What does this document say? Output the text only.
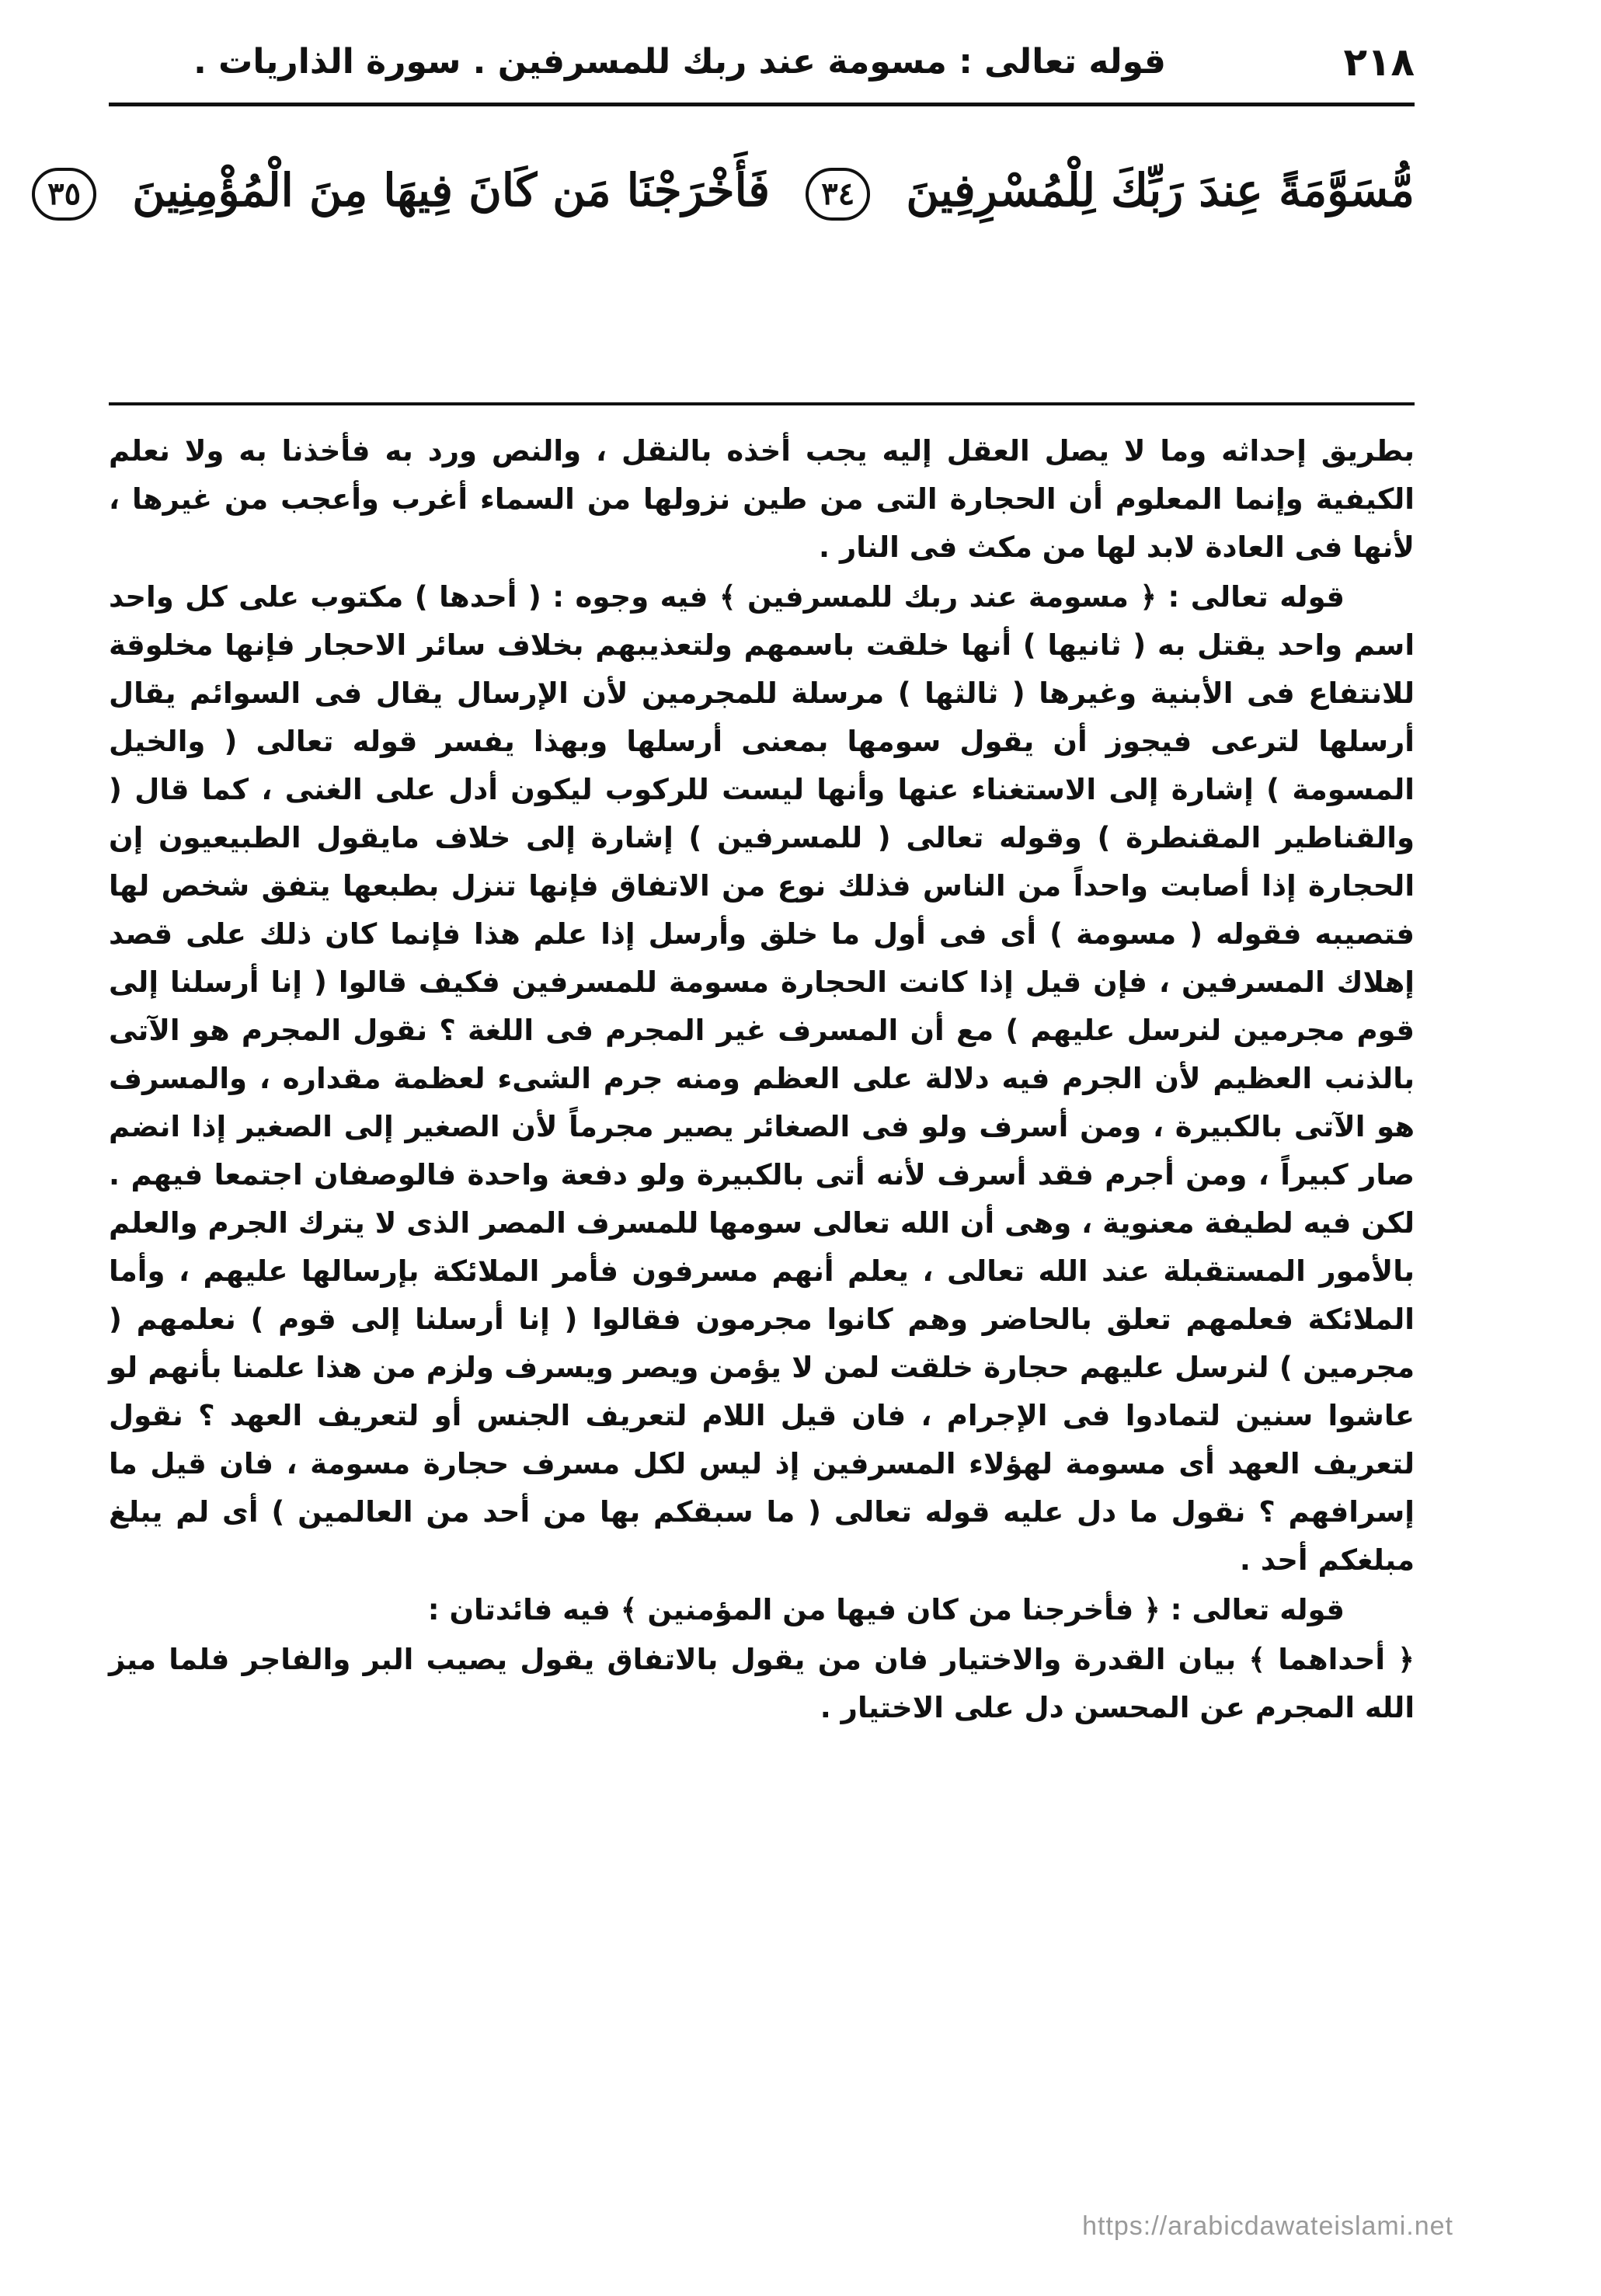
٢١٨
قوله تعالى : مسومة عند ربك للمسرفين . سورة الذاريات .
مُّسَوَّمَةً عِندَ رَبِّكَ لِلْمُسْرِفِينَ ٣٤ فَأَخْرَجْنَا مَن كَانَ فِيهَا مِنَ الْمُؤْمِنِينَ ٣٥

بطريق إحداثه وما لا يصل العقل إليه يجب أخذه بالنقل ، والنص ورد به فأخذنا به ولا نعلم الكيفية وإنما المعلوم أن الحجارة التى من طين نزولها من السماء أغرب وأعجب من غيرها ، لأنها فى العادة لابد لها من مكث فى النار .

قوله تعالى : ﴿ مسومة عند ربك للمسرفين ﴾ فيه وجوه : ( أحدها ) مكتوب على كل واحد اسم واحد يقتل به ( ثانيها ) أنها خلقت باسمهم ولتعذيبهم بخلاف سائر الاحجار فإنها مخلوقة للانتفاع فى الأبنية وغيرها ( ثالثها ) مرسلة للمجرمين لأن الإرسال يقال فى السوائم يقال أرسلها لترعى فيجوز أن يقول سومها بمعنى أرسلها وبهذا يفسر قوله تعالى ( والخيل المسومة ) إشارة إلى الاستغناء عنها وأنها ليست للركوب ليكون أدل على الغنى ، كما قال ( والقناطير المقنطرة ) وقوله تعالى ( للمسرفين ) إشارة إلى خلاف مايقول الطبيعيون إن الحجارة إذا أصابت واحداً من الناس فذلك نوع من الاتفاق فإنها تنزل بطبعها يتفق شخص لها فتصيبه فقوله ( مسومة ) أى فى أول ما خلق وأرسل إذا علم هذا فإنما كان ذلك على قصد إهلاك المسرفين ، فإن قيل إذا كانت الحجارة مسومة للمسرفين فكيف قالوا ( إنا أرسلنا إلى قوم مجرمين لنرسل عليهم ) مع أن المسرف غير المجرم فى اللغة ؟ نقول المجرم هو الآتى بالذنب العظيم لأن الجرم فيه دلالة على العظم ومنه جرم الشىء لعظمة مقداره ، والمسرف هو الآتى بالكبيرة ، ومن أسرف ولو فى الصغائر يصير مجرماً لأن الصغير إلى الصغير إذا انضم صار كبيراً ، ومن أجرم فقد أسرف لأنه أتى بالكبيرة ولو دفعة واحدة فالوصفان اجتمعا فيهم . لكن فيه لطيفة معنوية ، وهى أن الله تعالى سومها للمسرف المصر الذى لا يترك الجرم والعلم بالأمور المستقبلة عند الله تعالى ، يعلم أنهم مسرفون فأمر الملائكة بإرسالها عليهم ، وأما الملائكة فعلمهم تعلق بالحاضر وهم كانوا مجرمون فقالوا ( إنا أرسلنا إلى قوم ) نعلمهم ( مجرمين ) لنرسل عليهم حجارة خلقت لمن لا يؤمن ويصر ويسرف ولزم من هذا علمنا بأنهم لو عاشوا سنين لتمادوا فى الإجرام ، فان قيل اللام لتعريف الجنس أو لتعريف العهد ؟ نقول لتعريف العهد أى مسومة لهؤلاء المسرفين إذ ليس لكل مسرف حجارة مسومة ، فان قيل ما إسرافهم ؟ نقول ما دل عليه قوله تعالى ( ما سبقكم بها من أحد من العالمين ) أى لم يبلغ مبلغكم أحد .

قوله تعالى : ﴿ فأخرجنا من كان فيها من المؤمنين ﴾ فيه فائدتان :

﴿ أحداهما ﴾ بيان القدرة والاختيار فان من يقول بالاتفاق يقول يصيب البر والفاجر فلما ميز الله المجرم عن المحسن دل على الاختيار .

https://arabicdawateislami.net
